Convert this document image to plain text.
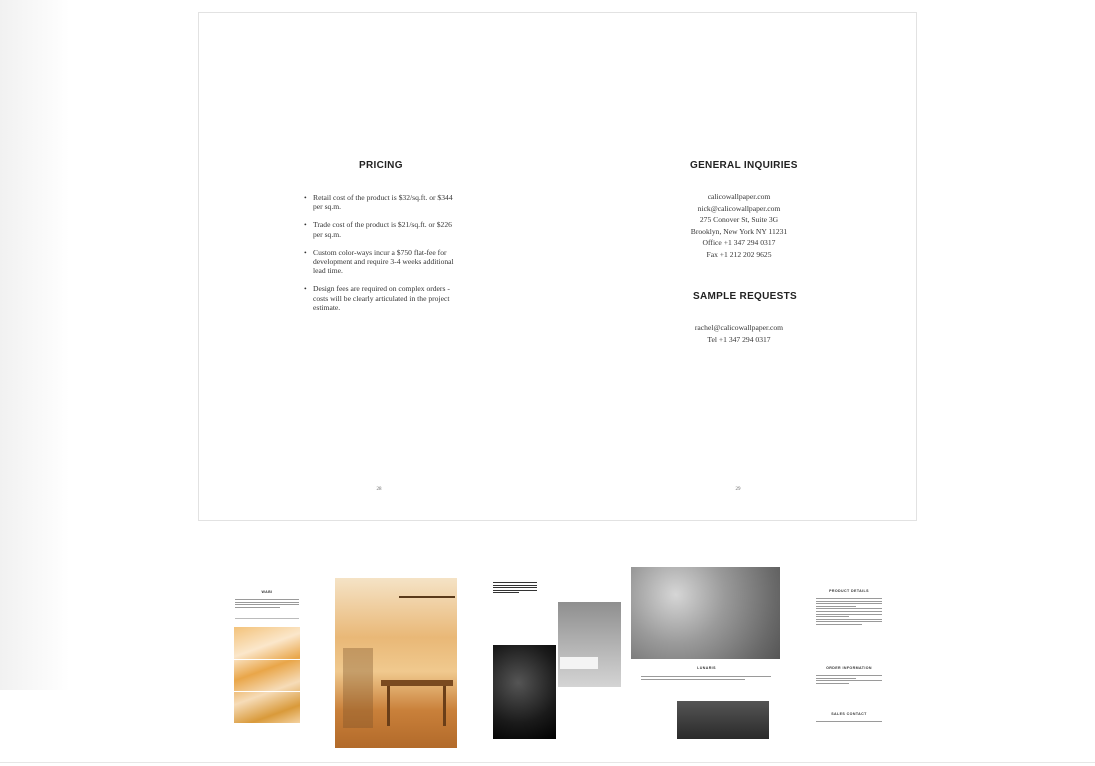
PRICING
• Retail cost of the product is $32/sq.ft. or $344 per sq.m.
• Trade cost of the product is $21/sq.ft. or $226 per sq.m.
• Custom color-ways incur a $750 flat-fee for development and require 3-4 weeks additional lead time.
• Design fees are required on complex orders - costs will be clearly articulated in the project estimate.
28
GENERAL INQUIRIES
calicowallpaper.com
nick@calicowallpaper.com
275 Conover St, Suite 3G
Brooklyn, New York NY 11231
Office +1 347 294 0317
Fax +1 212 202 9625
SAMPLE REQUESTS
rachel@calicowallpaper.com
Tel +1 347 294 0317
29
WABI
LUNARIS
PRODUCT DETAILS
ORDER INFORMATION
SALES CONTACT
